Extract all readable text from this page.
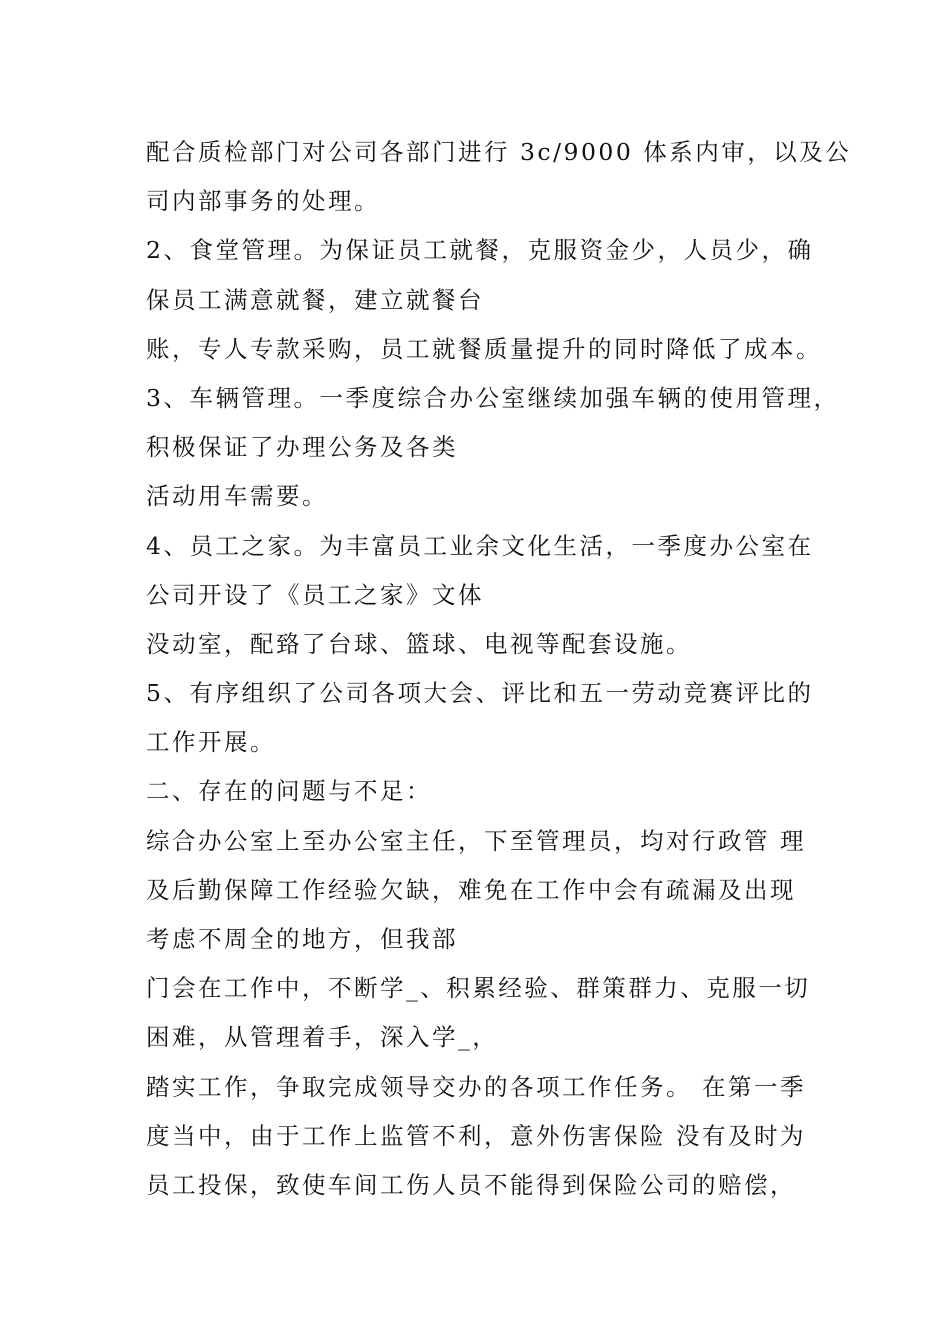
配合质检部门对公司各部门进行 3c/9000 体系内审，以及公
司内部事务的处理。
2、食堂管理。为保证员工就餐，克服资金少，人员少，确
保员工满意就餐，建立就餐台
账，专人专款采购，员工就餐质量提升的同时降低了成本。
3、车辆管理。一季度综合办公室继续加强车辆的使用管理，
积极保证了办理公务及各类
活动用车需要。
4、员工之家。为丰富员工业余文化生活，一季度办公室在
公司开设了《员工之家》文体
没动室，配臵了台球、篮球、电视等配套设施。
5、有序组织了公司各项大会、评比和五一劳动竞赛评比的
工作开展。
二、存在的问题与不足：
综合办公室上至办公室主任，下至管理员，均对行政管 理
及后勤保障工作经验欠缺，难免在工作中会有疏漏及出现
考虑不周全的地方，但我部
门会在工作中，不断学_、积累经验、群策群力、克服一切
困难，从管理着手，深入学_，
踏实工作，争取完成领导交办的各项工作任务。 在第一季
度当中，由于工作上监管不利，意外伤害保险 没有及时为
员工投保，致使车间工伤人员不能得到保险公司的赔偿，
